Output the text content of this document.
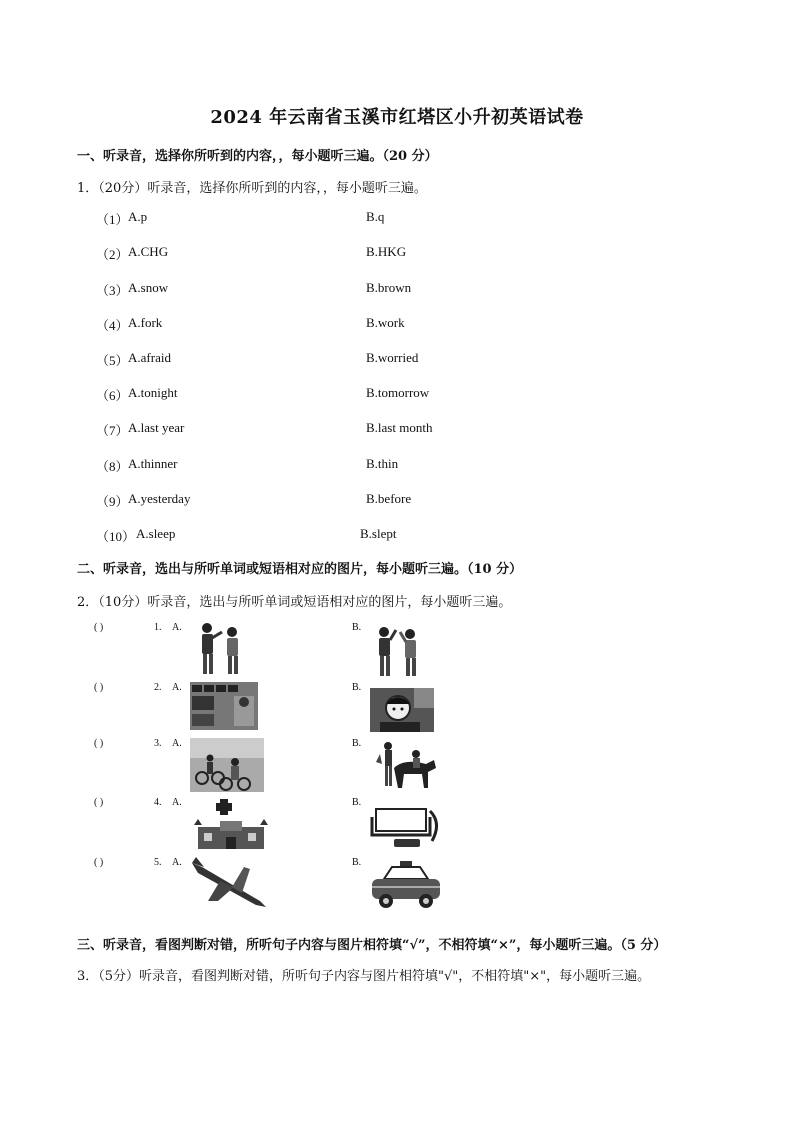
2024 年云南省玉溪市红塔区小升初英语试卷
一、听录音，选择你所听到的内容，，每小题听三遍。（20 分）
1．（20分）听录音，选择你所听到的内容，，每小题听三遍。
（1） A.p	B.q
（2） A.CHG	B.HKG
（3） A.snow	B.brown
（4） A.fork	B.work
（5） A.afraid	B.worried
（6） A.tonight	B.tomorrow
（7） A.last year	B.last month
（8） A.thinner	B.thin
（9） A.yesterday	B.before
（10） A.sleep	B.slept
二、听录音，选出与所听单词或短语相对应的图片，每小题听三遍。（10 分）
2．（10分）听录音，选出与所听单词或短语相对应的图片，每小题听三遍。
( )	1. A.	B.
( )	2. A.	B.
( )	3. A.	B.
( )	4. A.	B.
( )	5. A.	B.
三、听录音，看图判断对错，所听句子内容与图片相符填“√”，不相符填“×”，每小题听三遍。（5 分）
3．（5分）听录音，看图判断对错，所听句子内容与图片相符填"√"，不相符填"×"，每小题听三遍。
